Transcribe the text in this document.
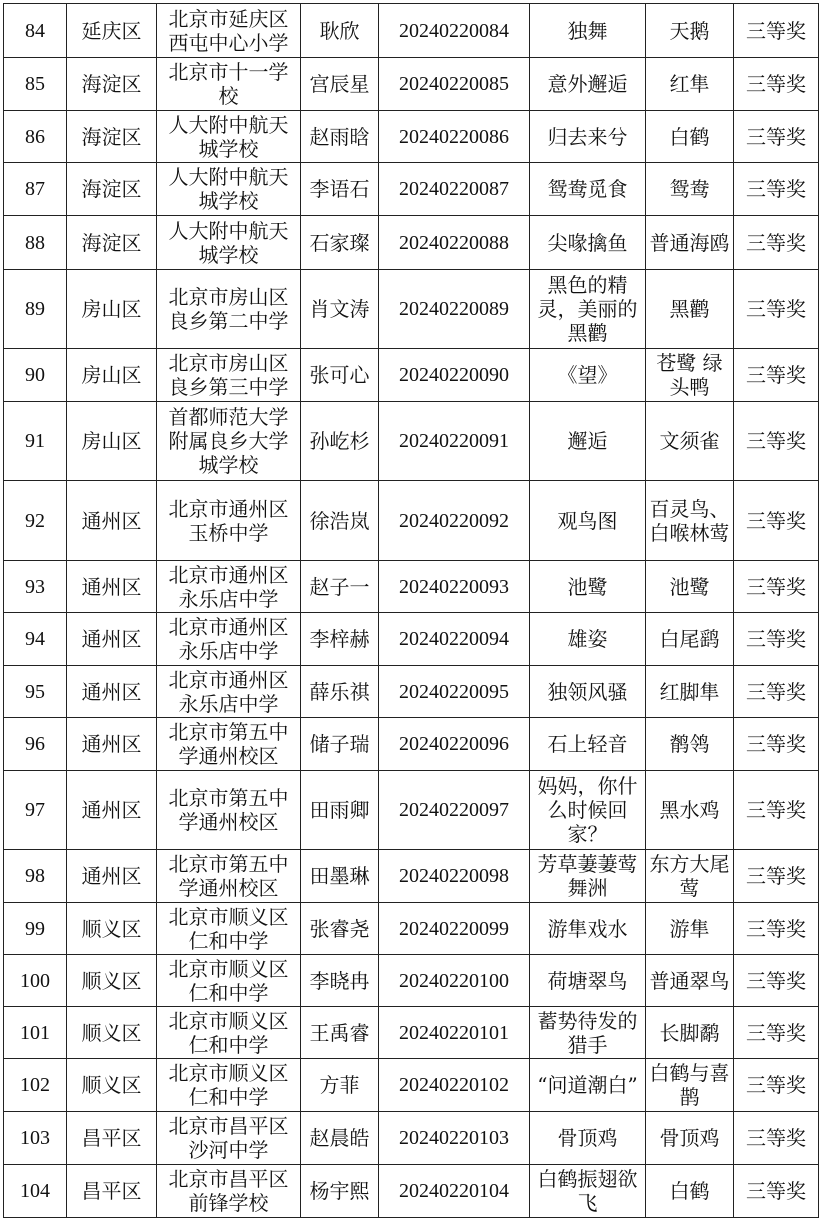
84	延庆区	北京市延庆区西屯中心小学	耿欣	20240220084	独舞	天鹅	三等奖
85	海淀区	北京市十一学校	宫辰星	20240220085	意外邂逅	红隼	三等奖
86	海淀区	人大附中航天城学校	赵雨晗	20240220086	归去来兮	白鹤	三等奖
87	海淀区	人大附中航天城学校	李语石	20240220087	鸳鸯觅食	鸳鸯	三等奖
88	海淀区	人大附中航天城学校	石家璨	20240220088	尖喙擒鱼	普通海鸥	三等奖
89	房山区	北京市房山区良乡第二中学	肖文涛	20240220089	黑色的精灵，美丽的黑鹳	黑鹳	三等奖
90	房山区	北京市房山区良乡第三中学	张可心	20240220090	《望》	苍鹭 绿头鸭	三等奖
91	房山区	首都师范大学附属良乡大学城学校	孙屹杉	20240220091	邂逅	文须雀	三等奖
92	通州区	北京市通州区玉桥中学	徐浩岚	20240220092	观鸟图	百灵鸟、白喉林莺	三等奖
93	通州区	北京市通州区永乐店中学	赵子一	20240220093	池鹭	池鹭	三等奖
94	通州区	北京市通州区永乐店中学	李梓赫	20240220094	雄姿	白尾鹞	三等奖
95	通州区	北京市通州区永乐店中学	薛乐祺	20240220095	独领风骚	红脚隼	三等奖
96	通州区	北京市第五中学通州校区	储子瑞	20240220096	石上轻音	鹡鸰	三等奖
97	通州区	北京市第五中学通州校区	田雨卿	20240220097	妈妈，你什么时候回家？	黑水鸡	三等奖
98	通州区	北京市第五中学通州校区	田墨琳	20240220098	芳草萋萋莺舞洲	东方大尾莺	三等奖
99	顺义区	北京市顺义区仁和中学	张睿尧	20240220099	游隼戏水	游隼	三等奖
100	顺义区	北京市顺义区仁和中学	李晓冉	20240220100	荷塘翠鸟	普通翠鸟	三等奖
101	顺义区	北京市顺义区仁和中学	王禹睿	20240220101	蓄势待发的猎手	长脚鹬	三等奖
102	顺义区	北京市顺义区仁和中学	方菲	20240220102	“问道潮白”	白鹤与喜鹊	三等奖
103	昌平区	北京市昌平区沙河中学	赵晨皓	20240220103	骨顶鸡	骨顶鸡	三等奖
104	昌平区	北京市昌平区前锋学校	杨宇熙	20240220104	白鹤振翅欲飞	白鹤	三等奖
